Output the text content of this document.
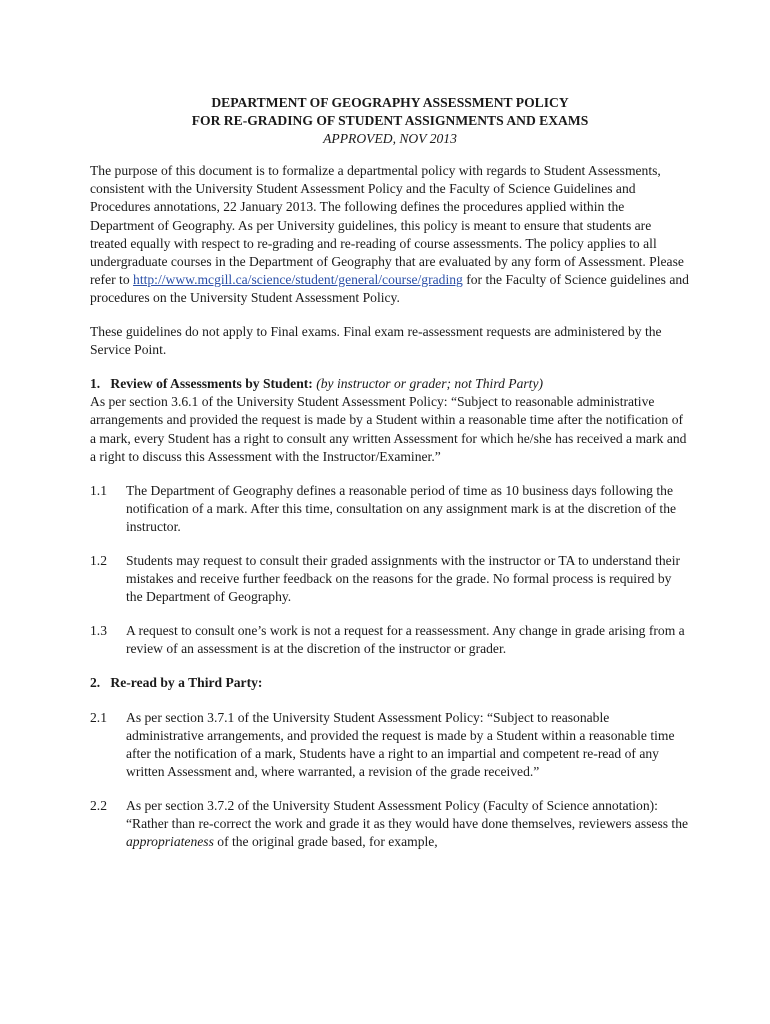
DEPARTMENT OF GEOGRAPHY ASSESSMENT POLICY
FOR RE-GRADING OF STUDENT ASSIGNMENTS AND EXAMS
APPROVED, NOV 2013

The purpose of this document is to formalize a departmental policy with regards to Student Assessments, consistent with the University Student Assessment Policy and the Faculty of Science Guidelines and Procedures annotations, 22 January 2013. The following defines the procedures applied within the Department of Geography. As per University guidelines, this policy is meant to ensure that students are treated equally with respect to re-grading and re-reading of course assessments. The policy applies to all undergraduate courses in the Department of Geography that are evaluated by any form of Assessment. Please refer to http://www.mcgill.ca/science/student/general/course/grading for the Faculty of Science guidelines and procedures on the University Student Assessment Policy.

These guidelines do not apply to Final exams. Final exam re-assessment requests are administered by the Service Point.

1. Review of Assessments by Student: (by instructor or grader; not Third Party)

As per section 3.6.1 of the University Student Assessment Policy: “Subject to reasonable administrative arrangements and provided the request is made by a Student within a reasonable time after the notification of a mark, every Student has a right to consult any written Assessment for which he/she has received a mark and a right to discuss this Assessment with the Instructor/Examiner.”

1.1	The Department of Geography defines a reasonable period of time as 10 business days following the notification of a mark. After this time, consultation on any assignment mark is at the discretion of the instructor.
1.2	Students may request to consult their graded assignments with the instructor or TA to understand their mistakes and receive further feedback on the reasons for the grade. No formal process is required by the Department of Geography.
1.3	A request to consult one’s work is not a request for a reassessment. Any change in grade arising from a review of an assessment is at the discretion of the instructor or grader.

2. Re-read by a Third Party:

2.1	As per section 3.7.1 of the University Student Assessment Policy: “Subject to reasonable administrative arrangements, and provided the request is made by a Student within a reasonable time after the notification of a mark, Students have a right to an impartial and competent re-read of any written Assessment and, where warranted, a revision of the grade received.”
2.2	As per section 3.7.2 of the University Student Assessment Policy (Faculty of Science annotation): “Rather than re-correct the work and grade it as they would have done themselves, reviewers assess the appropriateness of the original grade based, for example,
